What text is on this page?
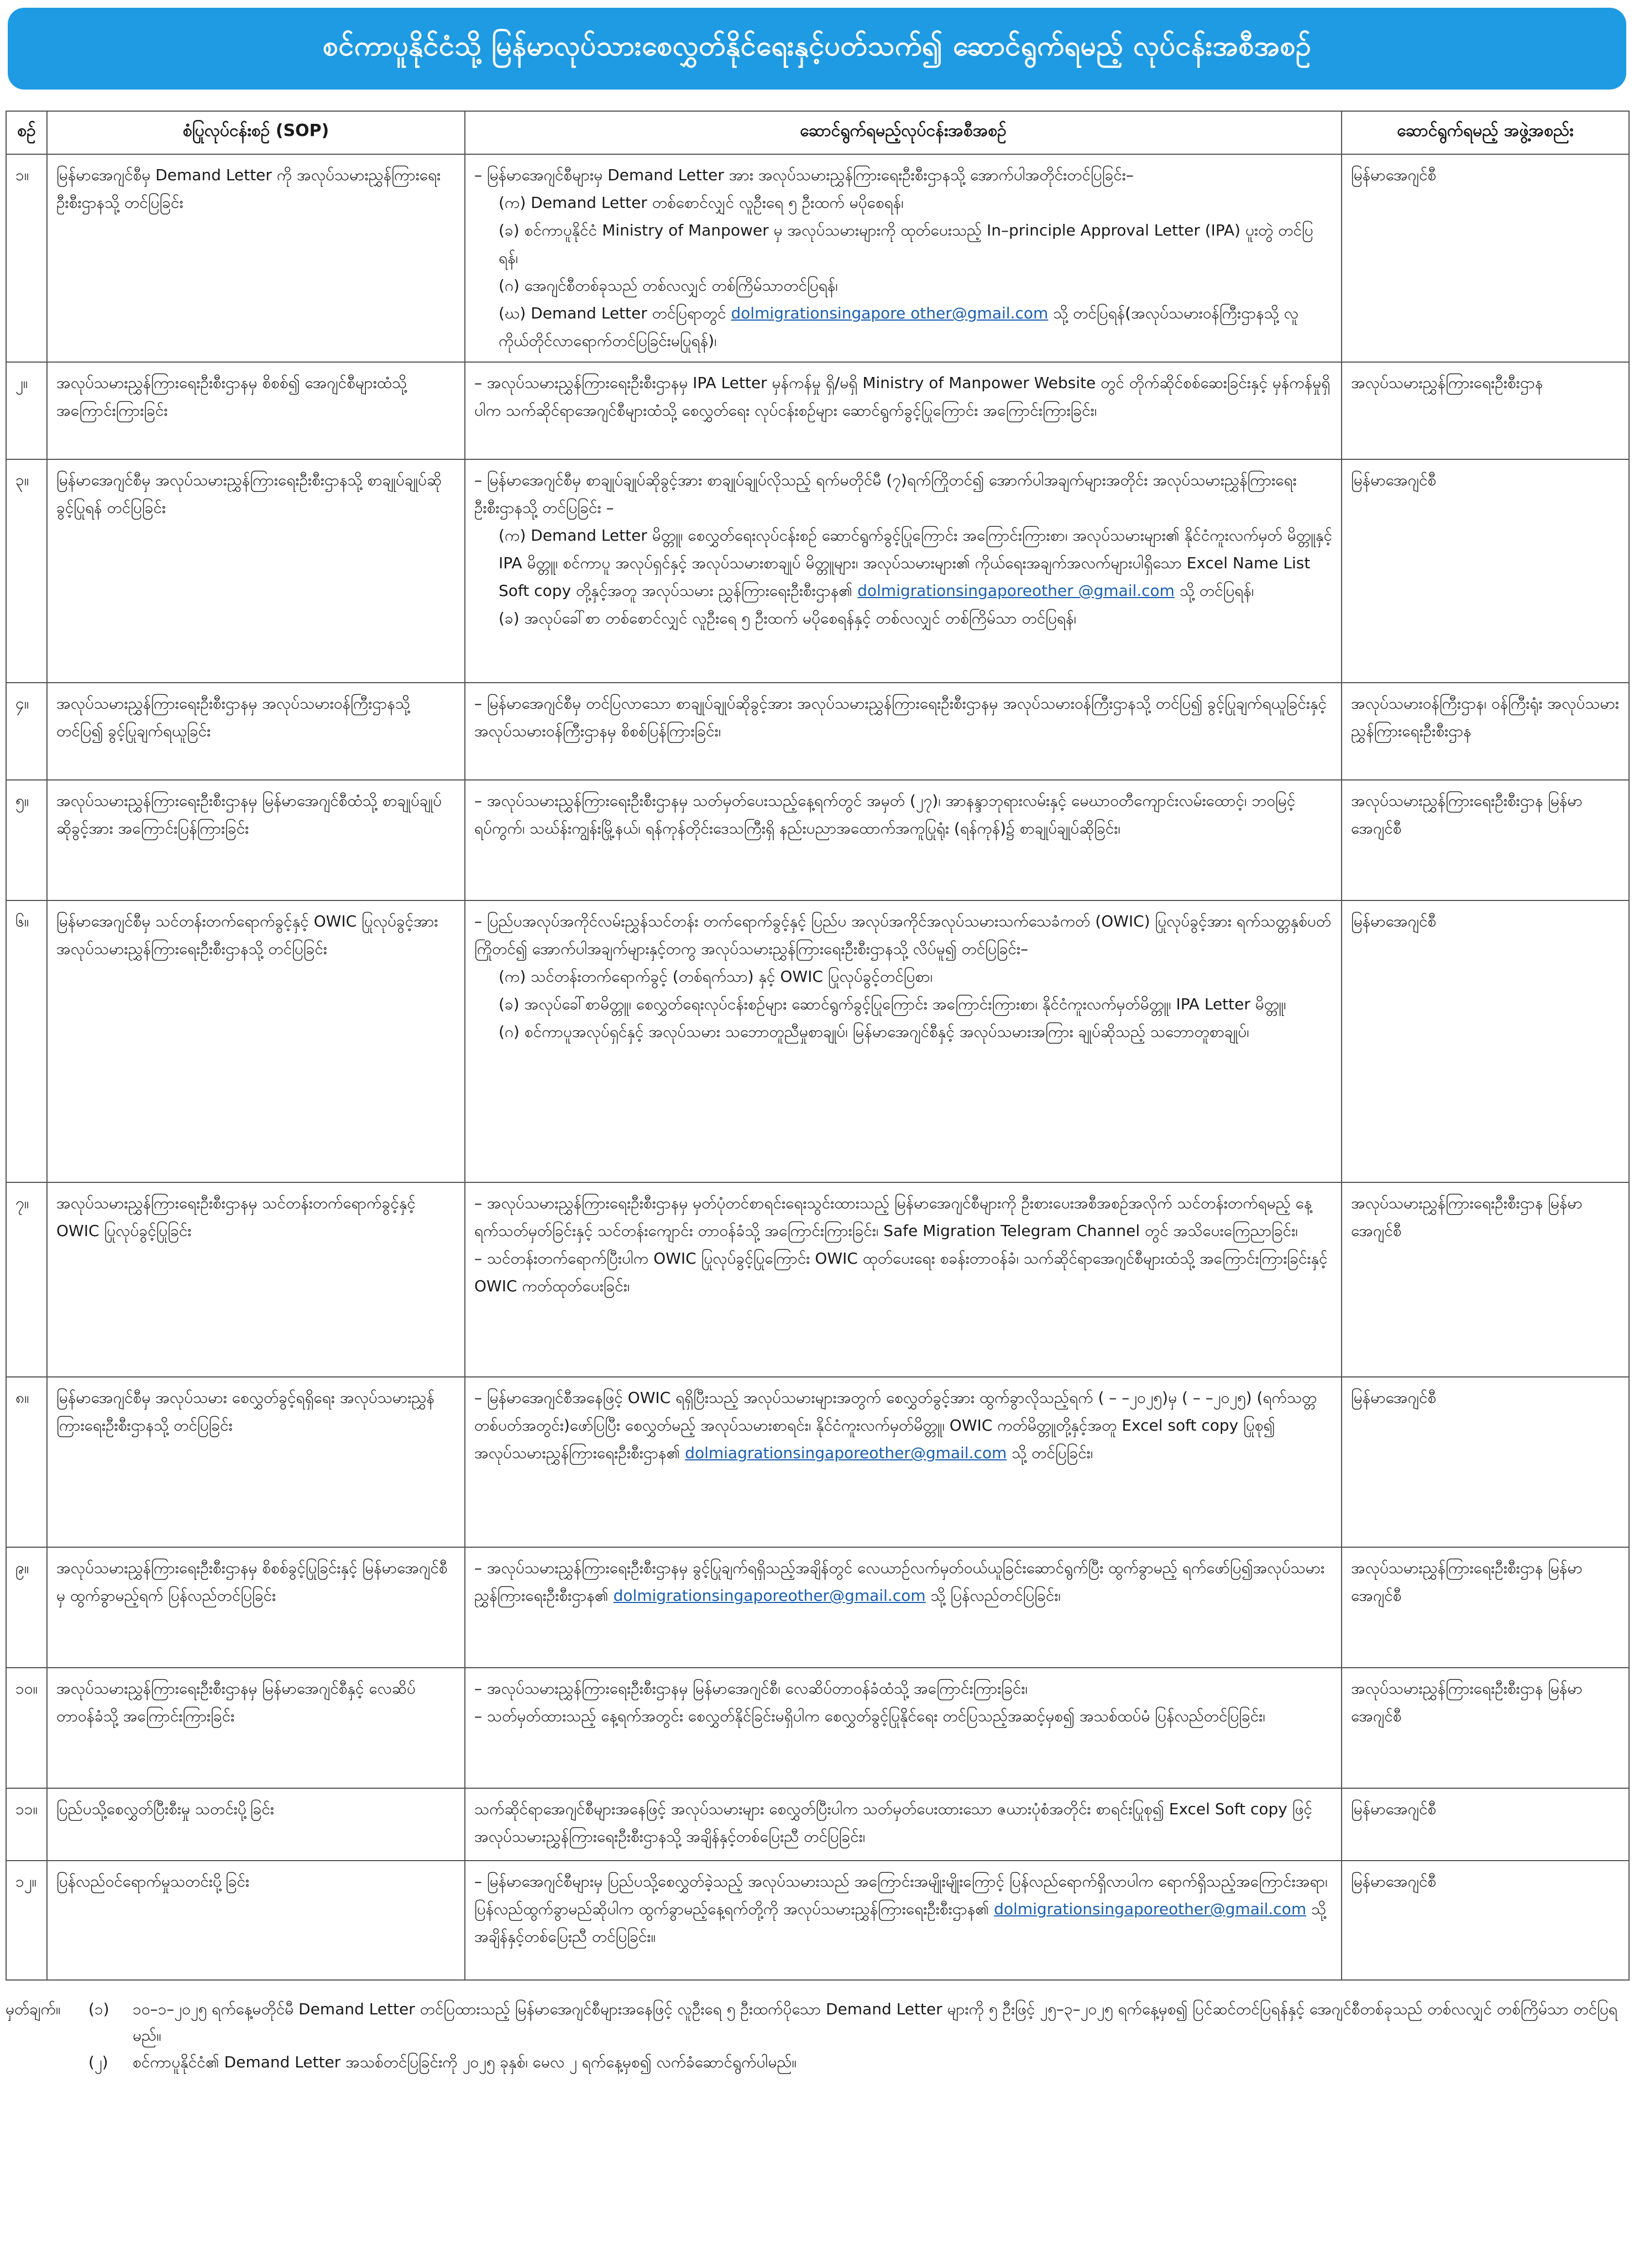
စင်ကာပူနိုင်ငံသို့ မြန်မာလုပ်သားစေလွှတ်နိုင်ရေးနှင့်ပတ်သက်၍ ဆောင်ရွက်ရမည့် လုပ်ငန်းအစီအစဉ်
စဉ်	စံပြုလုပ်ငန်းစဉ် (SOP)	ဆောင်ရွက်ရမည့်လုပ်ငန်းအစီအစဉ်	ဆောင်ရွက်ရမည့် အဖွဲ့အစည်း
၁။	မြန်မာအေဂျင်စီမှ Demand Letter ကို အလုပ်သမားညွှန်ကြားရေးဦးစီးဌာနသို့ တင်ပြခြင်း	– မြန်မာအေဂျင်စီများမှ Demand Letter အား အလုပ်သမားညွှန်ကြားရေးဦးစီးဌာနသို့ အောက်ပါအတိုင်းတင်ပြခြင်း–
(က) Demand Letter တစ်စောင်လျှင် လူဦးရေ ၅ ဦးထက် မပိုစေရန်၊
(ခ) စင်ကာပူနိုင်ငံ Ministry of Manpower မှ အလုပ်သမားများကို ထုတ်ပေးသည့် In–principle Approval Letter (IPA) ပူးတွဲ တင်ပြရန်၊
(ဂ) အေဂျင်စီတစ်ခုသည် တစ်လလျှင် တစ်ကြိမ်သာတင်ပြရန်၊
(ဃ) Demand Letter တင်ပြရာတွင် dolmigrationsingapore other@gmail.com သို့ တင်ပြရန်(အလုပ်သမားဝန်ကြီးဌာနသို့ လူကိုယ်တိုင်လာရောက်တင်ပြခြင်းမပြုရန်)၊	မြန်မာအေဂျင်စီ
၂။	အလုပ်သမားညွှန်ကြားရေးဦးစီးဌာနမှ စိစစ်၍ အေဂျင်စီများထံသို့ အကြောင်းကြားခြင်း	– အလုပ်သမားညွှန်ကြားရေးဦးစီးဌာနမှ IPA Letter မှန်ကန်မှု ရှိ/မရှိ Ministry of Manpower Website တွင် တိုက်ဆိုင်စစ်ဆေးခြင်းနှင့် မှန်ကန်မှုရှိပါက သက်ဆိုင်ရာအေဂျင်စီများထံသို့ စေလွှတ်ရေး လုပ်ငန်းစဉ်များ ဆောင်ရွက်ခွင့်ပြုကြောင်း အကြောင်းကြားခြင်း၊	အလုပ်သမားညွှန်ကြားရေးဦးစီးဌာန
၃။	မြန်မာအေဂျင်စီမှ အလုပ်သမားညွှန်ကြားရေးဦးစီးဌာနသို့ စာချုပ်ချုပ်ဆိုခွင့်ပြုရန် တင်ပြခြင်း	– မြန်မာအေဂျင်စီမှ စာချုပ်ချုပ်ဆိုခွင့်အား စာချုပ်ချုပ်လိုသည့် ရက်မတိုင်မီ (၇)ရက်ကြိုတင်၍ အောက်ပါအချက်များအတိုင်း အလုပ်သမားညွှန်ကြားရေးဦးစီးဌာနသို့ တင်ပြခြင်း –
(က) Demand Letter မိတ္တူ၊ စေလွှတ်ရေးလုပ်ငန်းစဉ် ဆောင်ရွက်ခွင့်ပြုကြောင်း အကြောင်းကြားစာ၊ အလုပ်သမားများ၏ နိုင်ငံကူးလက်မှတ် မိတ္တူနှင့် IPA မိတ္တူ၊ စင်ကာပူ အလုပ်ရှင်နှင့် အလုပ်သမားစာချုပ် မိတ္တူများ၊ အလုပ်သမားများ၏ ကိုယ်ရေးအချက်အလက်များပါရှိသော Excel Name List Soft copy တို့နှင့်အတူ အလုပ်သမား ညွှန်ကြားရေးဦးစီးဌာန၏ dolmigrationsingaporeother @gmail.com သို့ တင်ပြရန်၊
(ခ) အလုပ်ခေါ်စာ တစ်စောင်လျှင် လူဦးရေ ၅ ဦးထက် မပိုစေရန်နှင့် တစ်လလျှင် တစ်ကြိမ်သာ တင်ပြရန်၊	မြန်မာအေဂျင်စီ
၄။	အလုပ်သမားညွှန်ကြားရေးဦးစီးဌာနမှ အလုပ်သမားဝန်ကြီးဌာနသို့ တင်ပြ၍ ခွင့်ပြုချက်ရယူခြင်း	– မြန်မာအေဂျင်စီမှ တင်ပြလာသော စာချုပ်ချုပ်ဆိုခွင့်အား အလုပ်သမားညွှန်ကြားရေးဦးစီးဌာနမှ အလုပ်သမားဝန်ကြီးဌာနသို့ တင်ပြ၍ ခွင့်ပြုချက်ရယူခြင်းနှင့် အလုပ်သမားဝန်ကြီးဌာနမှ စိစစ်ပြန်ကြားခြင်း၊	အလုပ်သမားဝန်ကြီးဌာန၊ ဝန်ကြီးရုံး အလုပ်သမားညွှန်ကြားရေးဦးစီးဌာန
၅။	အလုပ်သမားညွှန်ကြားရေးဦးစီးဌာနမှ မြန်မာအေဂျင်စီထံသို့ စာချုပ်ချုပ်ဆိုခွင့်အား အကြောင်းပြန်ကြားခြင်း	– အလုပ်သမားညွှန်ကြားရေးဦးစီးဌာနမှ သတ်မှတ်ပေးသည့်နေ့ရက်တွင် အမှတ် (၂၇)၊ အာနန္ဒာဘုရားလမ်းနှင့် မေဃာဝတီကျောင်းလမ်းထောင့်၊ ဘဝမြင့်ရပ်ကွက်၊ သဃ်န်းကျွန်းမြို့နယ်၊ ရန်ကုန်တိုင်းဒေသကြီးရှိ နည်းပညာအထောက်အကူပြုရုံး (ရန်ကုန်)၌ စာချုပ်ချုပ်ဆိုခြင်း၊	အလုပ်သမားညွှန်ကြားရေးဦးစီးဌာန မြန်မာအေဂျင်စီ
၆။	မြန်မာအေဂျင်စီမှ သင်တန်းတက်ရောက်ခွင့်နှင့် OWIC ပြုလုပ်ခွင့်အား အလုပ်သမားညွှန်ကြားရေးဦးစီးဌာနသို့ တင်ပြခြင်း	– ပြည်ပအလုပ်အကိုင်လမ်းညွှန်သင်တန်း တက်ရောက်ခွင့်နှင့် ပြည်ပ အလုပ်အကိုင်အလုပ်သမားသက်သေခံကတ် (OWIC) ပြုလုပ်ခွင့်အား ရက်သတ္တနှစ်ပတ်ကြိုတင်၍ အောက်ပါအချက်များနှင့်တကွ အလုပ်သမားညွှန်ကြားရေးဦးစီးဌာနသို့ လိပ်မူ၍ တင်ပြခြင်း–
(က) သင်တန်းတက်ရောက်ခွင့် (တစ်ရက်သာ) နှင့် OWIC ပြုလုပ်ခွင့်တင်ပြစာ၊
(ခ) အလုပ်ခေါ်စာမိတ္တူ၊ စေလွှတ်ရေးလုပ်ငန်းစဉ်များ ဆောင်ရွက်ခွင့်ပြုကြောင်း အကြောင်းကြားစာ၊ နိုင်ငံကူးလက်မှတ်မိတ္တူ၊ IPA Letter မိတ္တူ၊
(ဂ) စင်ကာပူအလုပ်ရှင်နှင့် အလုပ်သမား သဘောတူညီမှုစာချုပ်၊ မြန်မာအေဂျင်စီနှင့် အလုပ်သမားအကြား ချုပ်ဆိုသည့် သဘောတူစာချုပ်၊	မြန်မာအေဂျင်စီ
၇။	အလုပ်သမားညွှန်ကြားရေးဦးစီးဌာနမှ သင်တန်းတက်ရောက်ခွင့်နှင့် OWIC ပြုလုပ်ခွင့်ပြုခြင်း	– အလုပ်သမားညွှန်ကြားရေးဦးစီးဌာနမှ မှတ်ပုံတင်စာရင်းရေးသွင်းထားသည့် မြန်မာအေဂျင်စီများကို ဦးစားပေးအစီအစဉ်အလိုက် သင်တန်းတက်ရမည့် နေ့ရက်သတ်မှတ်ခြင်းနှင့် သင်တန်းကျောင်း တာဝန်ခံသို့ အကြောင်းကြားခြင်း၊ Safe Migration Telegram Channel တွင် အသိပေးကြေညာခြင်း၊
– သင်တန်းတက်ရောက်ပြီးပါက OWIC ပြုလုပ်ခွင့်ပြုကြောင်း OWIC ထုတ်ပေးရေး စခန်းတာဝန်ခံ၊ သက်ဆိုင်ရာအေဂျင်စီများထံသို့ အကြောင်းကြားခြင်းနှင့် OWIC ကတ်ထုတ်ပေးခြင်း၊	အလုပ်သမားညွှန်ကြားရေးဦးစီးဌာန မြန်မာအေဂျင်စီ
၈။	မြန်မာအေဂျင်စီမှ အလုပ်သမား စေလွှတ်ခွင့်ရရှိရေး အလုပ်သမားညွှန်ကြားရေးဦးစီးဌာနသို့ တင်ပြခြင်း	– မြန်မာအေဂျင်စီအနေဖြင့် OWIC ရရှိပြီးသည့် အလုပ်သမားများအတွက် စေလွှတ်ခွင့်အား ထွက်ခွာလိုသည့်ရက် ( – –၂၀၂၅)မှ ( – –၂၀၂၅) (ရက်သတ္တတစ်ပတ်အတွင်း)ဖော်ပြပြီး စေလွှတ်မည့် အလုပ်သမားစာရင်း၊ နိုင်ငံကူးလက်မှတ်မိတ္တူ၊ OWIC ကတ်မိတ္တူတို့နှင့်အတူ Excel soft copy ပြုစု၍ အလုပ်သမားညွှန်ကြားရေးဦးစီးဌာန၏ dolmiagrationsingaporeother@gmail.com သို့ တင်ပြခြင်း၊	မြန်မာအေဂျင်စီ
၉။	အလုပ်သမားညွှန်ကြားရေးဦးစီးဌာနမှ စိစစ်ခွင့်ပြုခြင်းနှင့် မြန်မာအေဂျင်စီမှ ထွက်ခွာမည့်ရက် ပြန်လည်တင်ပြခြင်း	– အလုပ်သမားညွှန်ကြားရေးဦးစီးဌာနမှ ခွင့်ပြုချက်ရရှိသည့်အချိန်တွင် လေယာဉ်လက်မှတ်ဝယ်ယူခြင်းဆောင်ရွက်ပြီး ထွက်ခွာမည့် ရက်ဖော်ပြ၍အလုပ်သမားညွှန်ကြားရေးဦးစီးဌာန၏ dolmigrationsingaporeother@gmail.com သို့ ပြန်လည်တင်ပြခြင်း၊	အလုပ်သမားညွှန်ကြားရေးဦးစီးဌာန မြန်မာအေဂျင်စီ
၁၀။	အလုပ်သမားညွှန်ကြားရေးဦးစီးဌာနမှ မြန်မာအေဂျင်စီနှင့် လေဆိပ်တာဝန်ခံသို့ အကြောင်းကြားခြင်း	– အလုပ်သမားညွှန်ကြားရေးဦးစီးဌာနမှ မြန်မာအေဂျင်စီ၊ လေဆိပ်တာဝန်ခံထံသို့ အကြောင်းကြားခြင်း၊
– သတ်မှတ်ထားသည့် နေ့ရက်အတွင်း စေလွှတ်နိုင်ခြင်းမရှိပါက စေလွှတ်ခွင့်ပြုနိုင်ရေး တင်ပြသည့်အဆင့်မှစ၍ အသစ်ထပ်မံ ပြန်လည်တင်ပြခြင်း၊	အလုပ်သမားညွှန်ကြားရေးဦးစီးဌာန မြန်မာအေဂျင်စီ
၁၁။	ပြည်ပသို့စေလွှတ်ပြီးစီးမှု သတင်းပို့ခြင်း	သက်ဆိုင်ရာအေဂျင်စီများအနေဖြင့် အလုပ်သမားများ စေလွှတ်ပြီးပါက သတ်မှတ်ပေးထားသော ဇယားပုံစံအတိုင်း စာရင်းပြုစု၍ Excel Soft copy ဖြင့် အလုပ်သမားညွှန်ကြားရေးဦးစီးဌာနသို့ အချိန်နှင့်တစ်ပြေးညီ တင်ပြခြင်း၊	မြန်မာအေဂျင်စီ
၁၂။	ပြန်လည်ဝင်ရောက်မှုသတင်းပို့ခြင်း	– မြန်မာအေဂျင်စီများမှ ပြည်ပသို့စေလွှတ်ခဲ့သည့် အလုပ်သမားသည် အကြောင်းအမျိုးမျိုးကြောင့် ပြန်လည်ရောက်ရှိလာပါက ရောက်ရှိသည့်အကြောင်းအရာ၊ ပြန်လည်ထွက်ခွာမည်ဆိုပါက ထွက်ခွာမည့်နေ့ရက်တို့ကို အလုပ်သမားညွှန်ကြားရေးဦးစီးဌာန၏ dolmigrationsingaporeother@gmail.com သို့ အချိန်နှင့်တစ်ပြေးညီ တင်ပြခြင်း။	မြန်မာအေဂျင်စီ
မှတ်ချက်။	(၁)	၁၀–၁–၂၀၂၅ ရက်နေ့မတိုင်မီ Demand Letter တင်ပြထားသည့် မြန်မာအေဂျင်စီများအနေဖြင့် လူဦးရေ ၅ ဦးထက်ပိုသော Demand Letter များကို ၅ ဦးဖြင့် ၂၅–၃–၂၀၂၅ ရက်နေ့မှစ၍ ပြင်ဆင်တင်ပြရန်နှင့် အေဂျင်စီတစ်ခုသည် တစ်လလျှင် တစ်ကြိမ်သာ တင်ပြရမည်။
(၂)	စင်ကာပူနိုင်ငံ၏ Demand Letter အသစ်တင်ပြခြင်းကို ၂၀၂၅ ခုနှစ်၊ မေလ ၂ ရက်နေ့မှစ၍ လက်ခံဆောင်ရွက်ပါမည်။
